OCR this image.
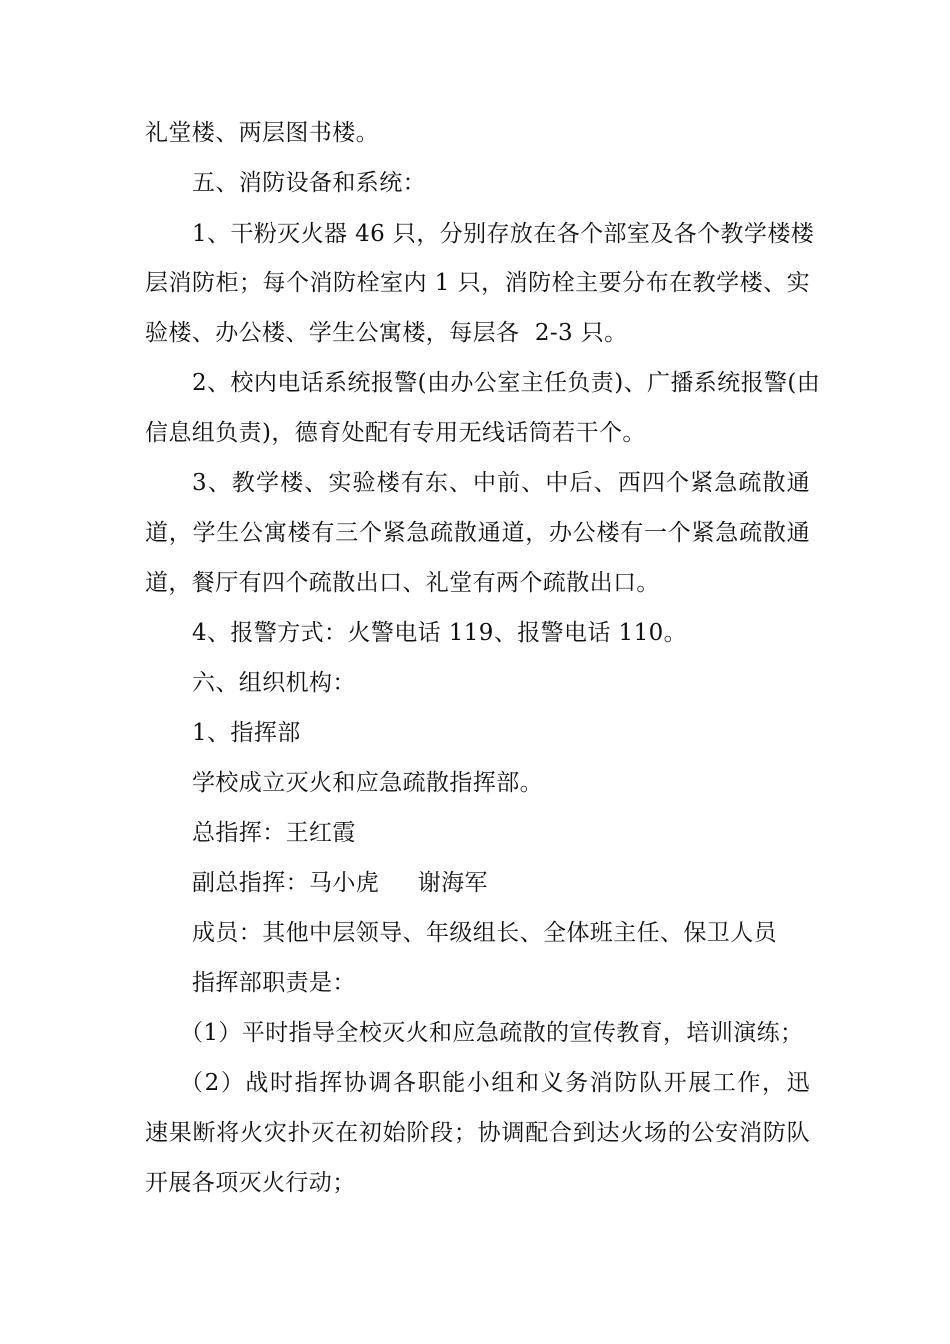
礼堂楼、两层图书楼。
五、消防设备和系统：
1、干粉灭火器 46 只，分别存放在各个部室及各个教学楼楼
层消防柜；每个消防栓室内 1 只，消防栓主要分布在教学楼、实
验楼、办公楼、学生公寓楼，每层各  2-3 只。
2、校内电话系统报警(由办公室主任负责)、广播系统报警(由
信息组负责)，德育处配有专用无线话筒若干个。
3、教学楼、实验楼有东、中前、中后、西四个紧急疏散通
道，学生公寓楼有三个紧急疏散通道，办公楼有一个紧急疏散通
道，餐厅有四个疏散出口、礼堂有两个疏散出口。
4、报警方式：火警电话 119、报警电话 110。
六、组织机构：
1、指挥部
学校成立灭火和应急疏散指挥部。
总指挥：王红霞
副总指挥：马小虎     谢海军
成员：其他中层领导、年级组长、全体班主任、保卫人员
指挥部职责是：
（1）平时指导全校灭火和应急疏散的宣传教育，培训演练；
（2）战时指挥协调各职能小组和义务消防队开展工作，迅
速果断将火灾扑灭在初始阶段；协调配合到达火场的公安消防队
开展各项灭火行动；
